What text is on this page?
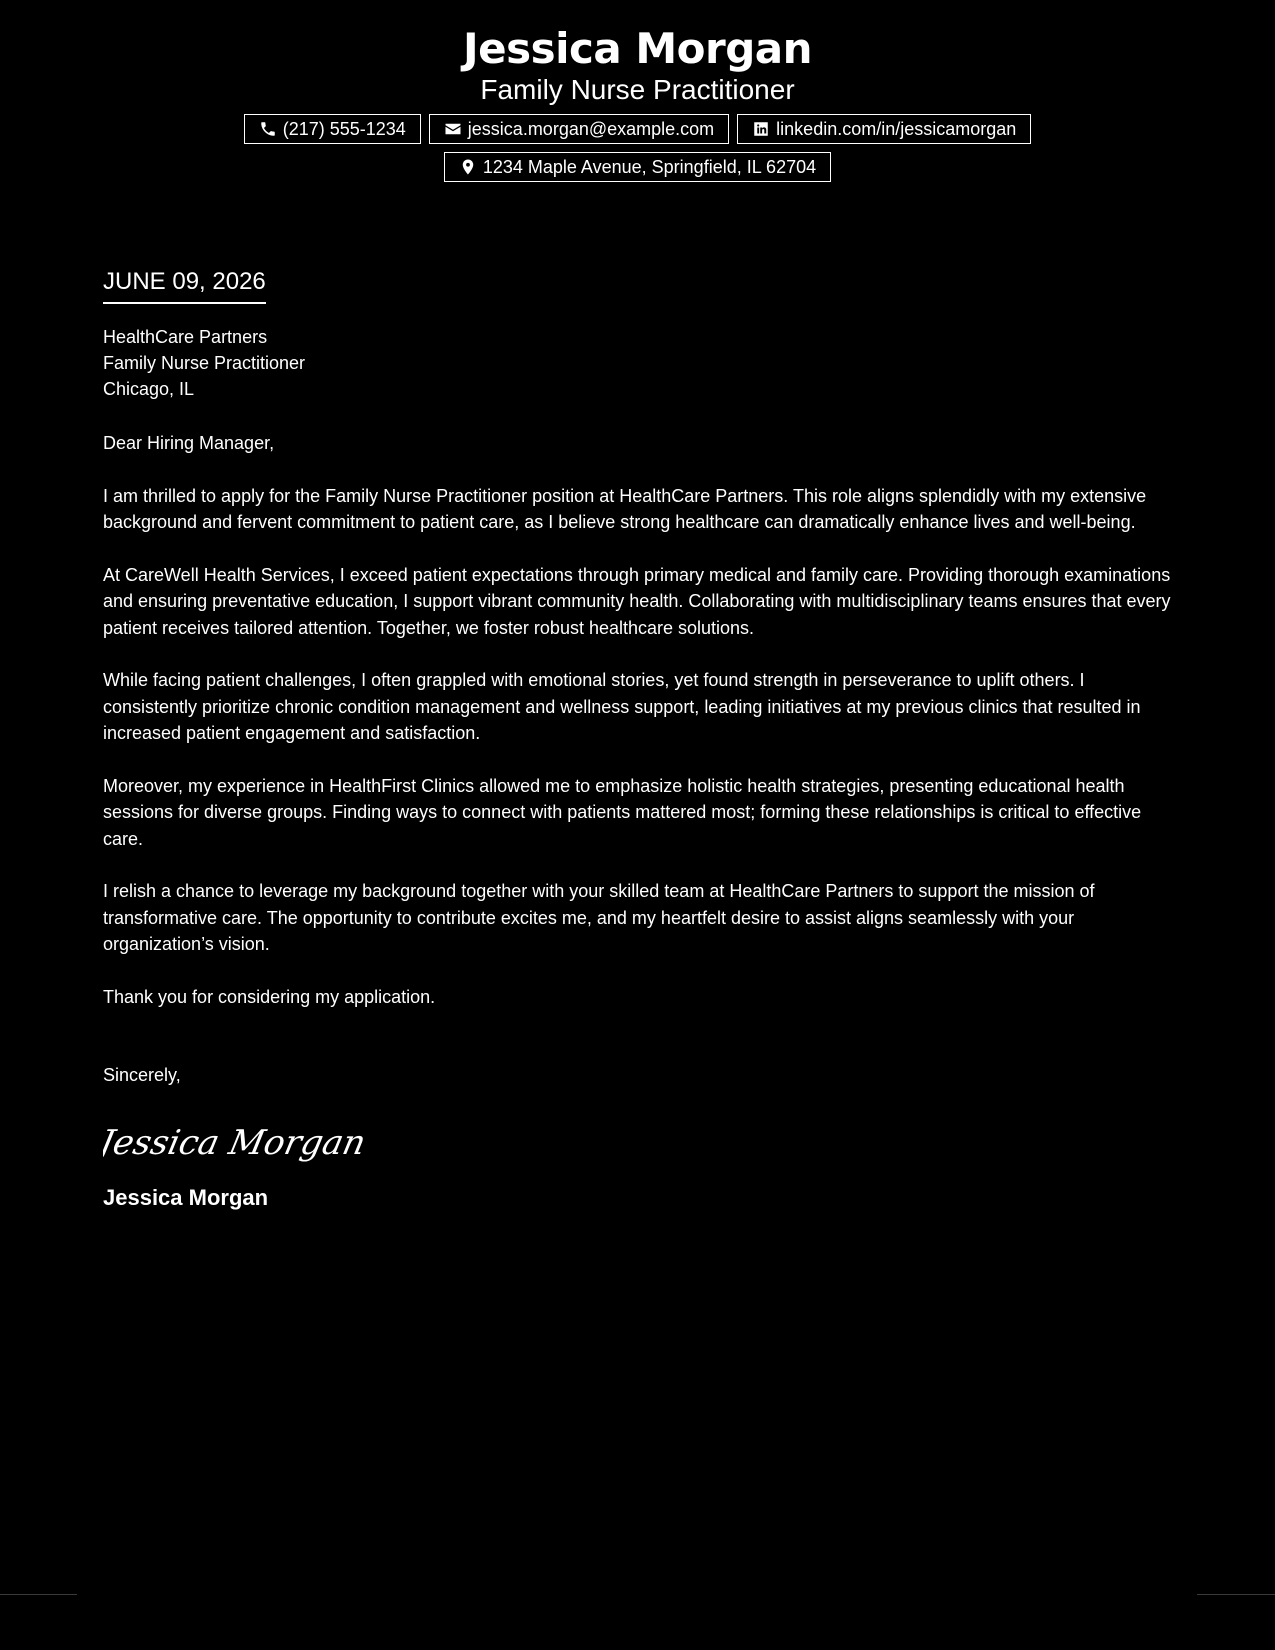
Jessica Morgan
Family Nurse Practitioner
(217) 555-1234	jessica.morgan@example.com	linkedin.com/in/jessicamorgan
1234 Maple Avenue, Springfield, IL 62704
JUNE 09, 2026
HealthCare Partners
Family Nurse Practitioner
Chicago, IL

Dear Hiring Manager,

I am thrilled to apply for the Family Nurse Practitioner position at HealthCare Partners. This role aligns splendidly with my extensive background and fervent commitment to patient care, as I believe strong healthcare can dramatically enhance lives and well-being.

At CareWell Health Services, I exceed patient expectations through primary medical and family care. Providing thorough examinations and ensuring preventative education, I support vibrant community health. Collaborating with multidisciplinary teams ensures that every patient receives tailored attention. Together, we foster robust healthcare solutions.

While facing patient challenges, I often grappled with emotional stories, yet found strength in perseverance to uplift others. I consistently prioritize chronic condition management and wellness support, leading initiatives at my previous clinics that resulted in increased patient engagement and satisfaction.

Moreover, my experience in HealthFirst Clinics allowed me to emphasize holistic health strategies, presenting educational health sessions for diverse groups. Finding ways to connect with patients mattered most; forming these relationships is critical to effective care.

I relish a chance to leverage my background together with your skilled team at HealthCare Partners to support the mission of transformative care. The opportunity to contribute excites me, and my heartfelt desire to assist aligns seamlessly with your organization’s vision.

Thank you for considering my application.

Sincerely,
Jessica Morgan
Jessica Morgan
